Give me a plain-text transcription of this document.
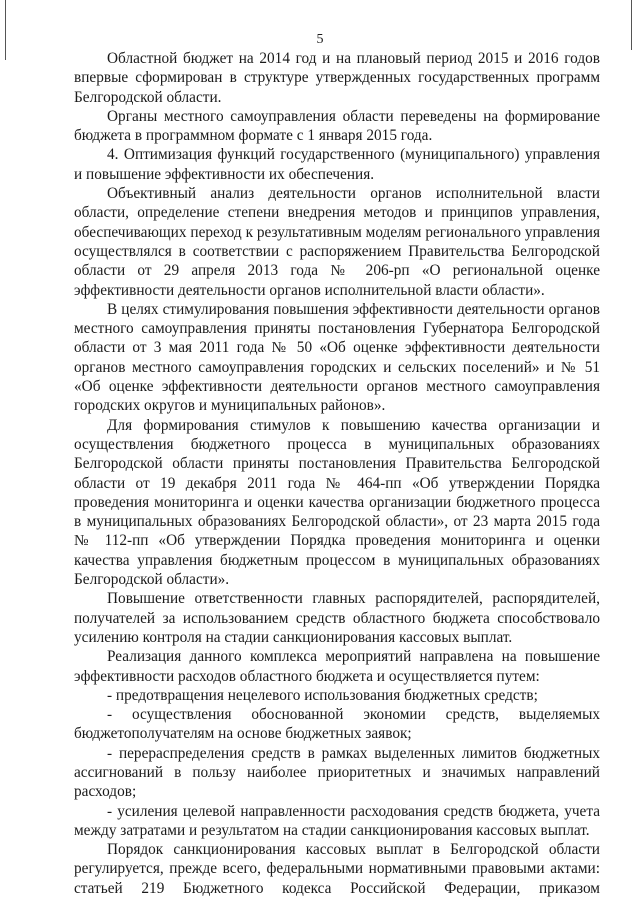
5

Областной бюджет на 2014 год и на плановый период 2015 и 2016 годов впервые сформирован в структуре утвержденных государственных программ Белгородской области.

Органы местного самоуправления области переведены на формирование бюджета в программном формате с 1 января 2015 года.

4. Оптимизация функций государственного (муниципального) управления и повышение эффективности их обеспечения.

Объективный анализ деятельности органов исполнительной власти области, определение степени внедрения методов и принципов управления, обеспечивающих переход к результативным моделям регионального управления осуществлялся в соответствии с распоряжением Правительства Белгородской области от 29 апреля 2013 года № 206-рп «О региональной оценке эффективности деятельности органов исполнительной власти области».

В целях стимулирования повышения эффективности деятельности органов местного самоуправления приняты постановления Губернатора Белгородской области от 3 мая 2011 года № 50 «Об оценке эффективности деятельности органов местного самоуправления городских и сельских поселений» и № 51 «Об оценке эффективности деятельности органов местного самоуправления городских округов и муниципальных районов».

Для формирования стимулов к повышению качества организации и осуществления бюджетного процесса в муниципальных образованиях Белгородской области приняты постановления Правительства Белгородской области от 19 декабря 2011 года № 464-пп «Об утверждении Порядка проведения мониторинга и оценки качества организации бюджетного процесса в муниципальных образованиях Белгородской области», от 23 марта 2015 года № 112-пп «Об утверждении Порядка проведения мониторинга и оценки качества управления бюджетным процессом в муниципальных образованиях Белгородской области».

Повышение ответственности главных распорядителей, распорядителей, получателей за использованием средств областного бюджета способствовало усилению контроля на стадии санкционирования кассовых выплат.

Реализация данного комплекса мероприятий направлена на повышение эффективности расходов областного бюджета и осуществляется путем:

- предотвращения нецелевого использования бюджетных средств;

- осуществления обоснованной экономии средств, выделяемых бюджетополучателям на основе бюджетных заявок;

- перераспределения средств в рамках выделенных лимитов бюджетных ассигнований в пользу наиболее приоритетных и значимых направлений расходов;

- усиления целевой направленности расходования средств бюджета, учета между затратами и результатом на стадии санкционирования кассовых выплат.

Порядок санкционирования кассовых выплат в Белгородской области регулируется, прежде всего, федеральными нормативными правовыми актами: статьей 219 Бюджетного кодекса Российской Федерации, приказом
